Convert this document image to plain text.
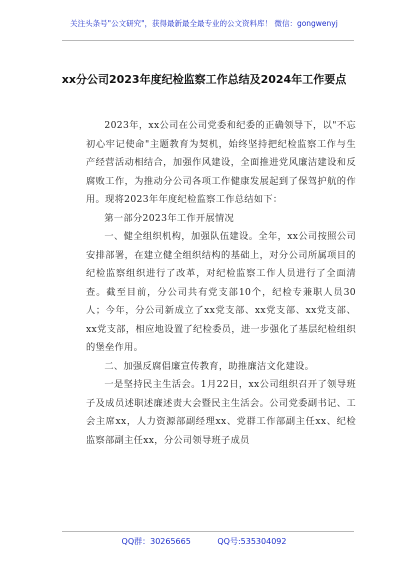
关注头条号"公文研究"，获得最新最全最专业的公文资料库！ 微信：gongwenyj
xx分公司2023年度纪检监察工作总结及2024年工作要点

2023年，xx公司在公司党委和纪委的正确领导下，以"不忘初心牢记使命"主题教育为契机，始终坚持把纪检监察工作与生产经营活动相结合，加强作风建设，全面推进党风廉洁建设和反腐败工作，为推动分公司各项工作健康发展起到了保驾护航的作用。现将2023年年度纪检监察工作总结如下：

第一部分2023年工作开展情况

一、健全组织机构，加强队伍建设。全年，xx公司按照公司安排部署，在建立健全组织结构的基础上，对分公司所属项目的纪检监察组织进行了改革，对纪检监察工作人员进行了全面清查。截至目前，分公司共有党支部10个，纪检专兼职人员30人；今年，分公司新成立了xx党支部、xx党支部、xx党支部、xx党支部，相应地设置了纪检委员，进一步强化了基层纪检组织的堡垒作用。

二、加强反腐倡廉宣传教育，助推廉洁文化建设。

一是坚持民主生活会。1月22日，xx公司组织召开了领导班子及成员述职述廉述责大会暨民主生活会。公司党委副书记、工会主席xx，人力资源部副经理xx、党群工作部副主任xx、纪检监察部副主任xx，分公司领导班子成员

QQ群：30265665	QQ号:535304092
